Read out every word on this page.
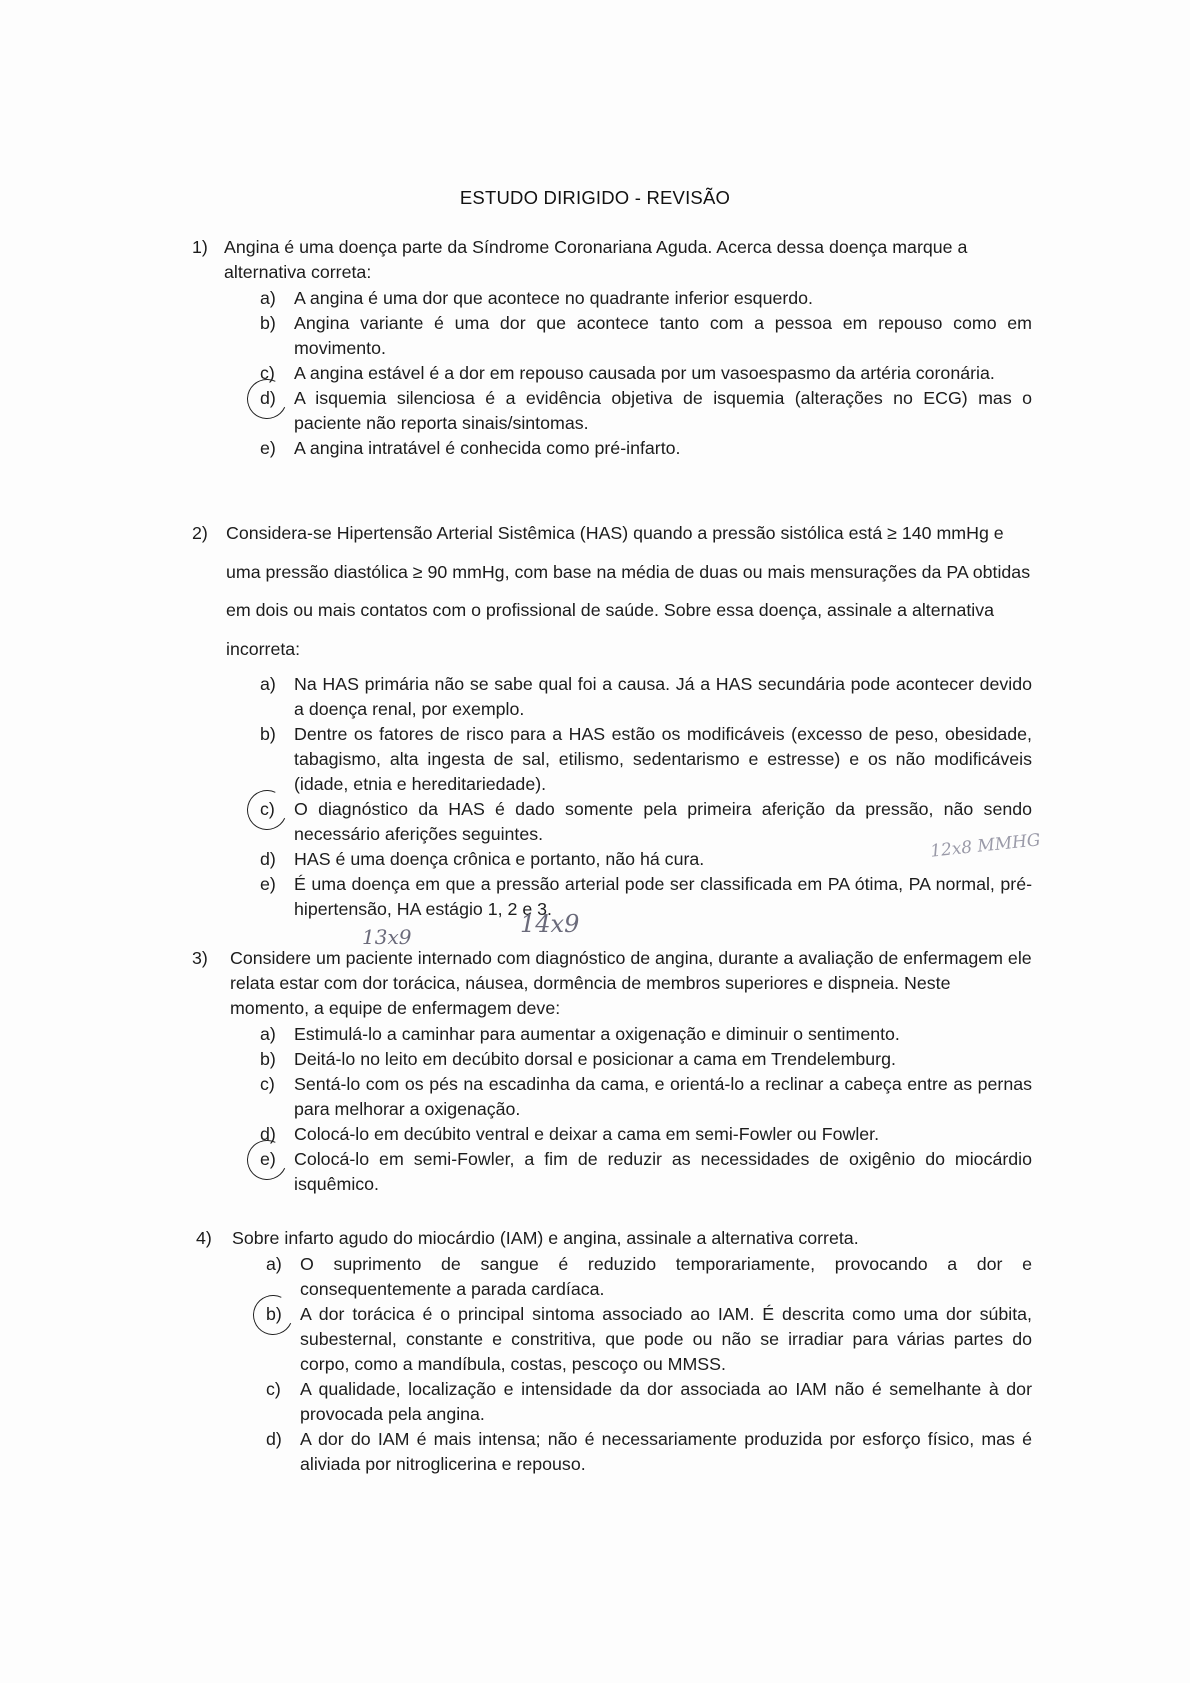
ESTUDO DIRIGIDO - REVISÃO
1) Angina é uma doença parte da Síndrome Coronariana Aguda. Acerca dessa doença marque a alternativa correta:
a) A angina é uma dor que acontece no quadrante inferior esquerdo.
b) Angina variante é uma dor que acontece tanto com a pessoa em repouso como em movimento.
c) A angina estável é a dor em repouso causada por um vasoespasmo da artéria coronária.
d) A isquemia silenciosa é a evidência objetiva de isquemia (alterações no ECG) mas o paciente não reporta sinais/sintomas.
e) A angina intratável é conhecida como pré-infarto.
2) Considera-se Hipertensão Arterial Sistêmica (HAS) quando a pressão sistólica está ≥ 140 mmHg e uma pressão diastólica ≥ 90 mmHg, com base na média de duas ou mais mensurações da PA obtidas em dois ou mais contatos com o profissional de saúde. Sobre essa doença, assinale a alternativa incorreta:
a) Na HAS primária não se sabe qual foi a causa. Já a HAS secundária pode acontecer devido a doença renal, por exemplo.
b) Dentre os fatores de risco para a HAS estão os modificáveis (excesso de peso, obesidade, tabagismo, alta ingesta de sal, etilismo, sedentarismo e estresse) e os não modificáveis (idade, etnia e hereditariedade).
c) O diagnóstico da HAS é dado somente pela primeira aferição da pressão, não sendo necessário aferições seguintes.
d) HAS é uma doença crônica e portanto, não há cura.
e) É uma doença em que a pressão arterial pode ser classificada em PA ótima, PA normal, pré-hipertensão, HA estágio 1, 2 e 3.
13x9	14x9
12x8 MMHG
3) Considere um paciente internado com diagnóstico de angina, durante a avaliação de enfermagem ele relata estar com dor torácica, náusea, dormência de membros superiores e dispneia. Neste momento, a equipe de enfermagem deve:
a) Estimulá-lo a caminhar para aumentar a oxigenação e diminuir o sentimento.
b) Deitá-lo no leito em decúbito dorsal e posicionar a cama em Trendelemburg.
c) Sentá-lo com os pés na escadinha da cama, e orientá-lo a reclinar a cabeça entre as pernas para melhorar a oxigenação.
d) Colocá-lo em decúbito ventral e deixar a cama em semi-Fowler ou Fowler.
e) Colocá-lo em semi-Fowler, a fim de reduzir as necessidades de oxigênio do miocárdio isquêmico.
4) Sobre infarto agudo do miocárdio (IAM) e angina, assinale a alternativa correta.
a) O suprimento de sangue é reduzido temporariamente, provocando a dor e consequentemente a parada cardíaca.
b) A dor torácica é o principal sintoma associado ao IAM. É descrita como uma dor súbita, subesternal, constante e constritiva, que pode ou não se irradiar para várias partes do corpo, como a mandíbula, costas, pescoço ou MMSS.
c) A qualidade, localização e intensidade da dor associada ao IAM não é semelhante à dor provocada pela angina.
d) A dor do IAM é mais intensa; não é necessariamente produzida por esforço físico, mas é aliviada por nitroglicerina e repouso.
